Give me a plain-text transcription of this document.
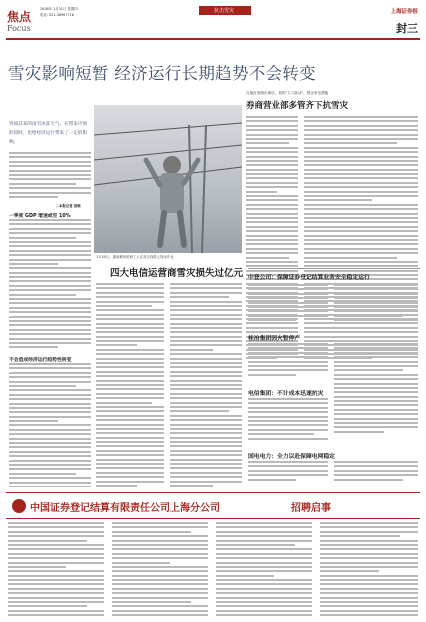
焦点
Focus
2008年 1月31日 星期四
电话: 021-38967716
抗击雪灾	上海证券报
封三
雪灾影响短暂 经济运行长期趋势不会转变
突如其来的雨雪冰冻天气，在带来灾情的同时，也给经济运行带来了一定的影响。
○本报记者 周晓
一季度 GDP 增速或至 10%
不会造成经济运行趋势性转变
1月30日，湖南郴州抢修工人在高压线路上除冰作业
四大电信运营商雪灾损失过亿元
自最近电网出事后，看的"人工除冰"，国企家也想能
券商营业部多管齐下抗雪灾
中登公司：保障证券登记结算业务安全稳定运行
桂冶集团因火暂停产
电信集团：不计成本迅速抗灾
国电电力：全力以赴保障电网稳定
中国证券登记结算有限责任公司上海分公司	招聘启事
